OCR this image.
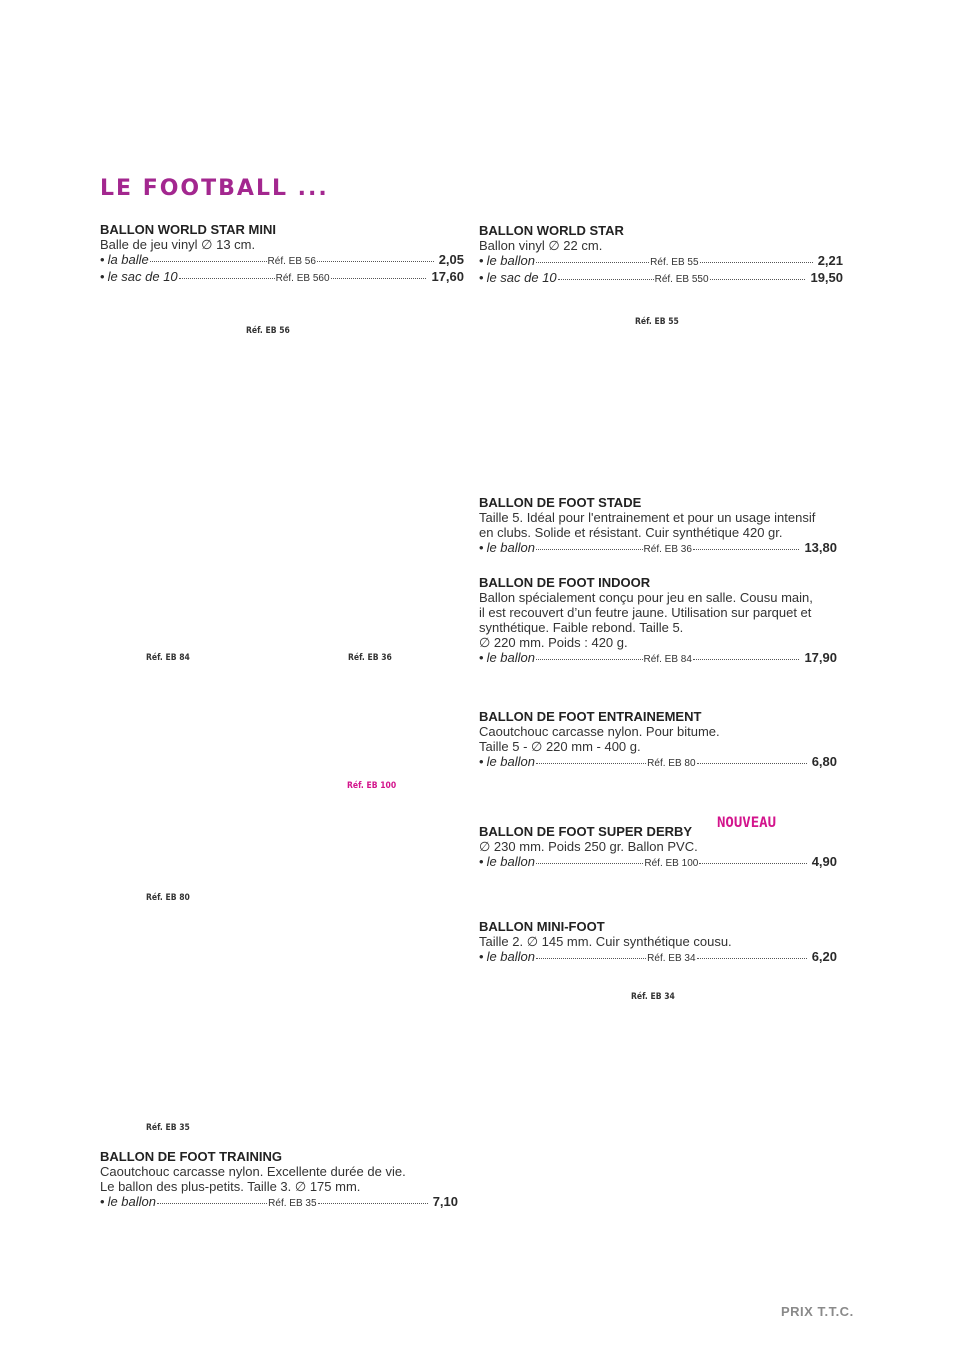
LE FOOTBALL ...
BALLON WORLD STAR MINI
Balle de jeu vinyl ∅ 13 cm.
• la balle	Réf. EB 56	2,05
• le sac de 10	Réf. EB 560	17,60
BALLON WORLD STAR
Ballon vinyl ∅ 22 cm.
• le ballon	Réf. EB 55	2,21
• le sac de 10	Réf. EB 550	19,50
BALLON DE FOOT STADE
Taille 5. Idéal pour l'entrainement et pour un usage intensif
en clubs. Solide et résistant. Cuir synthétique 420 gr.
• le ballon	Réf. EB 36	13,80
BALLON DE FOOT INDOOR
Ballon spécialement conçu pour jeu en salle. Cousu main,
il est recouvert d’un feutre jaune. Utilisation sur parquet et
synthétique. Faible rebond. Taille 5.
∅ 220 mm. Poids : 420 g.
• le ballon	Réf. EB 84	17,90
BALLON DE FOOT ENTRAINEMENT
Caoutchouc carcasse nylon. Pour bitume.
Taille 5 - ∅ 220 mm - 400 g.
• le ballon	Réf. EB 80	6,80
BALLON DE FOOT SUPER DERBY
∅ 230 mm. Poids 250 gr. Ballon PVC.
• le ballon	Réf. EB 100	4,90
NOUVEAU
BALLON MINI-FOOT
Taille 2. ∅ 145 mm. Cuir synthétique cousu.
• le ballon	Réf. EB 34	6,20
BALLON DE FOOT TRAINING
Caoutchouc carcasse nylon. Excellente durée de vie.
Le ballon des plus-petits. Taille 3. ∅ 175 mm.
• le ballon	Réf. EB 35	7,10
Réf. EB 56
Réf. EB 55
Réf. EB 84	Réf. EB 36
Réf. EB 100
Réf. EB 80
Réf. EB 34
Réf. EB 35
PRIX T.T.C.
